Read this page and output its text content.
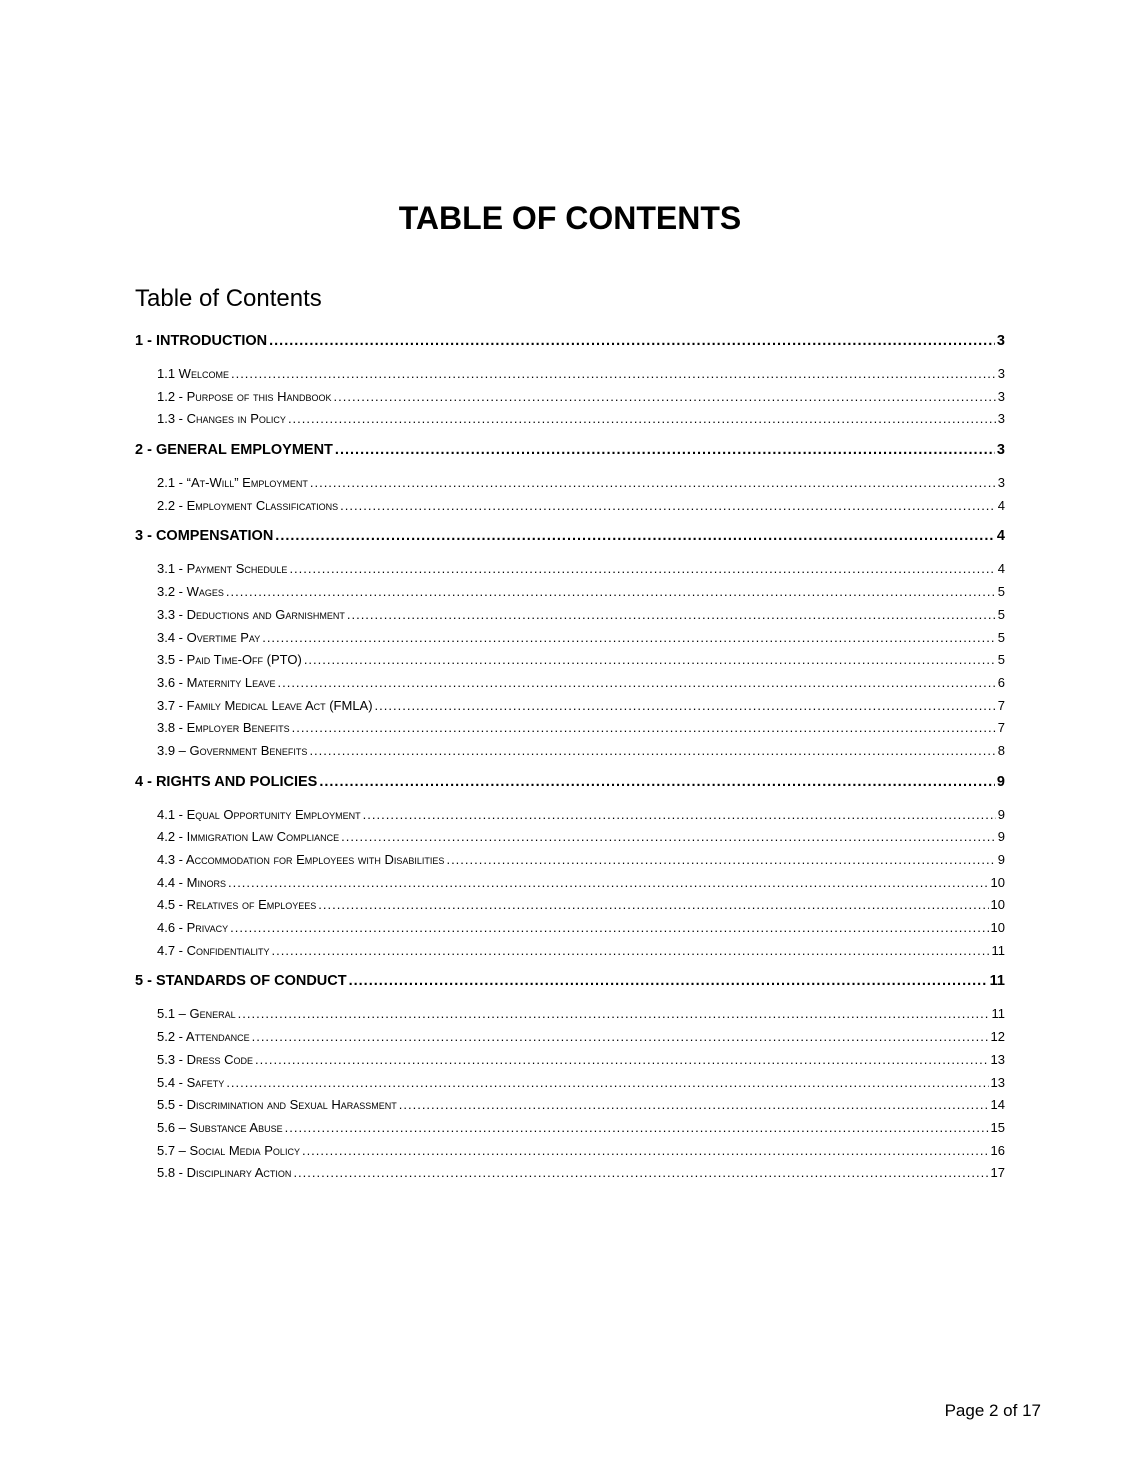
TABLE OF CONTENTS
Table of Contents
1 - INTRODUCTION .....	3
1.1 Welcome .....	3
1.2 - Purpose of this Handbook .....	3
1.3 - Changes in Policy .....	3
2 - GENERAL EMPLOYMENT .....	3
2.1 - “At-Will” Employment .....	3
2.2 - Employment Classifications .....	4
3 - COMPENSATION .....	4
3.1 - Payment Schedule .....	4
3.2 - Wages .....	5
3.3 - Deductions and Garnishment .....	5
3.4 - Overtime Pay .....	5
3.5 - Paid Time-Off (PTO) .....	5
3.6 - Maternity Leave .....	6
3.7 - Family Medical Leave Act (FMLA) .....	7
3.8 - Employer Benefits .....	7
3.9 – Government Benefits .....	8
4 - RIGHTS AND POLICIES .....	9
4.1 - Equal Opportunity Employment .....	9
4.2 - Immigration Law Compliance .....	9
4.3 - Accommodation for Employees with Disabilities .....	9
4.4 - Minors .....	10
4.5 - Relatives of Employees .....	10
4.6 - Privacy .....	10
4.7 - Confidentiality .....	11
5 - STANDARDS OF CONDUCT .....	11
5.1 – General .....	11
5.2 - Attendance .....	12
5.3 - Dress Code .....	13
5.4 - Safety .....	13
5.5 - Discrimination and Sexual Harassment .....	14
5.6 – Substance Abuse .....	15
5.7 – Social Media Policy .....	16
5.8 - Disciplinary Action .....	17
Page 2 of 17
